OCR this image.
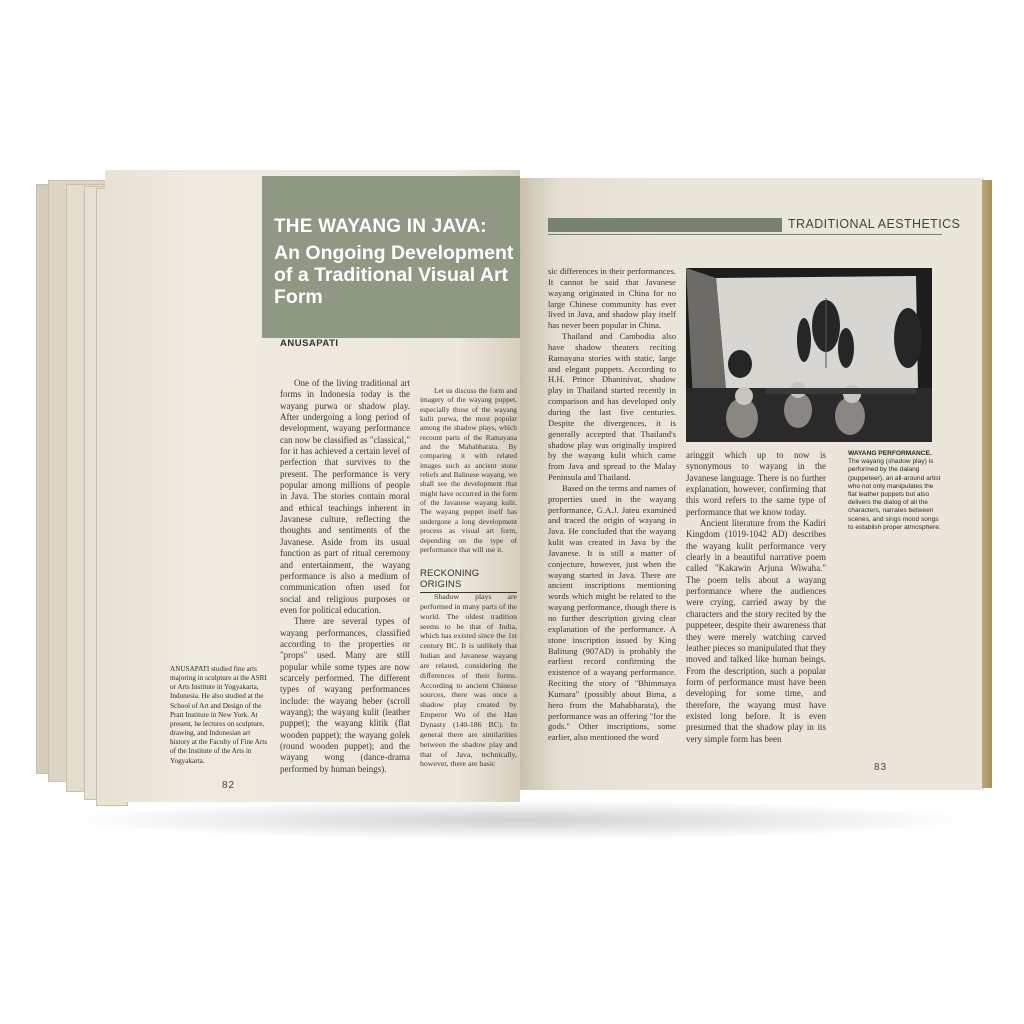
THE WAYANG IN JAVA:
An Ongoing Development of a Traditional Visual Art Form
ANUSAPATI

One of the living traditional art forms in Indonesia today is the wayang purwa or shadow play. After undergoing a long period of development, wayang performance can now be classified as "classical," for it has achieved a certain level of perfection that survives to the present. The performance is very popular among millions of people in Java. The stories contain moral and ethical teachings inherent in Javanese culture, reflecting the thoughts and sentiments of the Javanese. Aside from its usual function as part of ritual ceremony and entertainment, the wayang performance is also a medium of communication often used for social and religious purposes or even for political education.

There are several types of wayang performances, classified according to the properties or "props" used. Many are still popular while some types are now scarcely performed. The different types of wayang performances include: the wayang beber (scroll wayang); the wayang kulit (leather puppet); the wayang klitik (flat wooden puppet); the wayang golek (round wooden puppet); and the wayang wong (dance-drama performed by human beings).

Let us discuss the form and imagery of the wayang puppet, especially those of the wayang kulit purwa, the most popular among the shadow plays, which recount parts of the Ramayana and the Mahabharata. By comparing it with related images such as ancient stone reliefs and Balinese wayang, we shall see the development that might have occurred in the form of the Javanese wayang kulit. The wayang puppet itself has undergone a long development process as visual art form, depending on the type of performance that will use it.

RECKONING ORIGINS

Shadow plays are performed in many parts of the world. The oldest tradition seems to be that of India, which has existed since the 1st century BC. It is unlikely that Indian and Javanese wayang are related, considering the differences of their forms. According to ancient Chinese sources, there was once a shadow play created by Emperor Wu of the Han Dynasty (140-186 BC). In general there are similarities between the shadow play and that of Java, technically, however, there are basic

ANUSAPATI studied fine arts majoring in sculpture at the ASRI or Arts Institute in Yogyakarta, Indonesia. He also studied at the School of Art and Design of the Pratt Institute in New York. At present, he lectures on sculpture, drawing, and Indonesian art history at the Faculty of Fine Arts of the Institute of the Arts in Yogyakarta.
82
TRADITIONAL AESTHETICS

sic differences in their performances. It cannot be said that Javanese wayang originated in China for no large Chinese community has ever lived in Java, and shadow play itself has never been popular in China.

Thailand and Cambodia also have shadow theaters reciting Ramayana stories with static, large and elegant puppets. According to H.H. Prince Dhaninivat, shadow play in Thailand started recently in comparison and has developed only during the last five centuries. Despite the divergences, it is generally accepted that Thailand's shadow play was originally inspired by the wayang kulit which came from Java and spread to the Malay Peninsula and Thailand.

Based on the terms and names of properties used in the wayang performance, G.A.J. Jateu examined and traced the origin of wayang in Java. He concluded that the wayang kulit was created in Java by the Javanese. It is still a matter of conjecture, however, just when the wayang started in Java. There are ancient inscriptions mentioning words which might be related to the wayang performance, though there is no further description giving clear explanation of the performance. A stone inscription issued by King Balitung (907AD) is probably the earliest record confirming the existence of a wayang performance. Reciting the story of "Bhimmaya Kumara" (possibly about Bima, a hero from the Mahabharata), the performance was an offering "for the gods." Other inscriptions, some earlier, also mentioned the word

WAYANG PERFORMANCE.
The wayang (shadow play) is performed by the dalang (puppeteer), an all-around artist who not only manipulates the flat leather puppets but also delivers the dialog of all the characters, narrates between scenes, and sings mood songs to establish proper atmosphere.

aringgit which up to now is synonymous to wayang in the Javanese language. There is no further explanation, however, confirming that this word refers to the same type of performance that we know today.

Ancient literature from the Kadiri Kingdom (1019-1042 AD) describes the wayang kulit performance very clearly in a beautiful narrative poem called "Kakawin Arjuna Wiwaha." The poem tells about a wayang performance where the audiences were crying, carried away by the characters and the story recited by the puppeteer, despite their awareness that they were merely watching carved leather pieces so manipulated that they moved and talked like human beings. From the description, such a popular form of performance must have been developing for some time, and therefore, the wayang must have existed long before. It is even presumed that the shadow play in its very simple form has been

83
